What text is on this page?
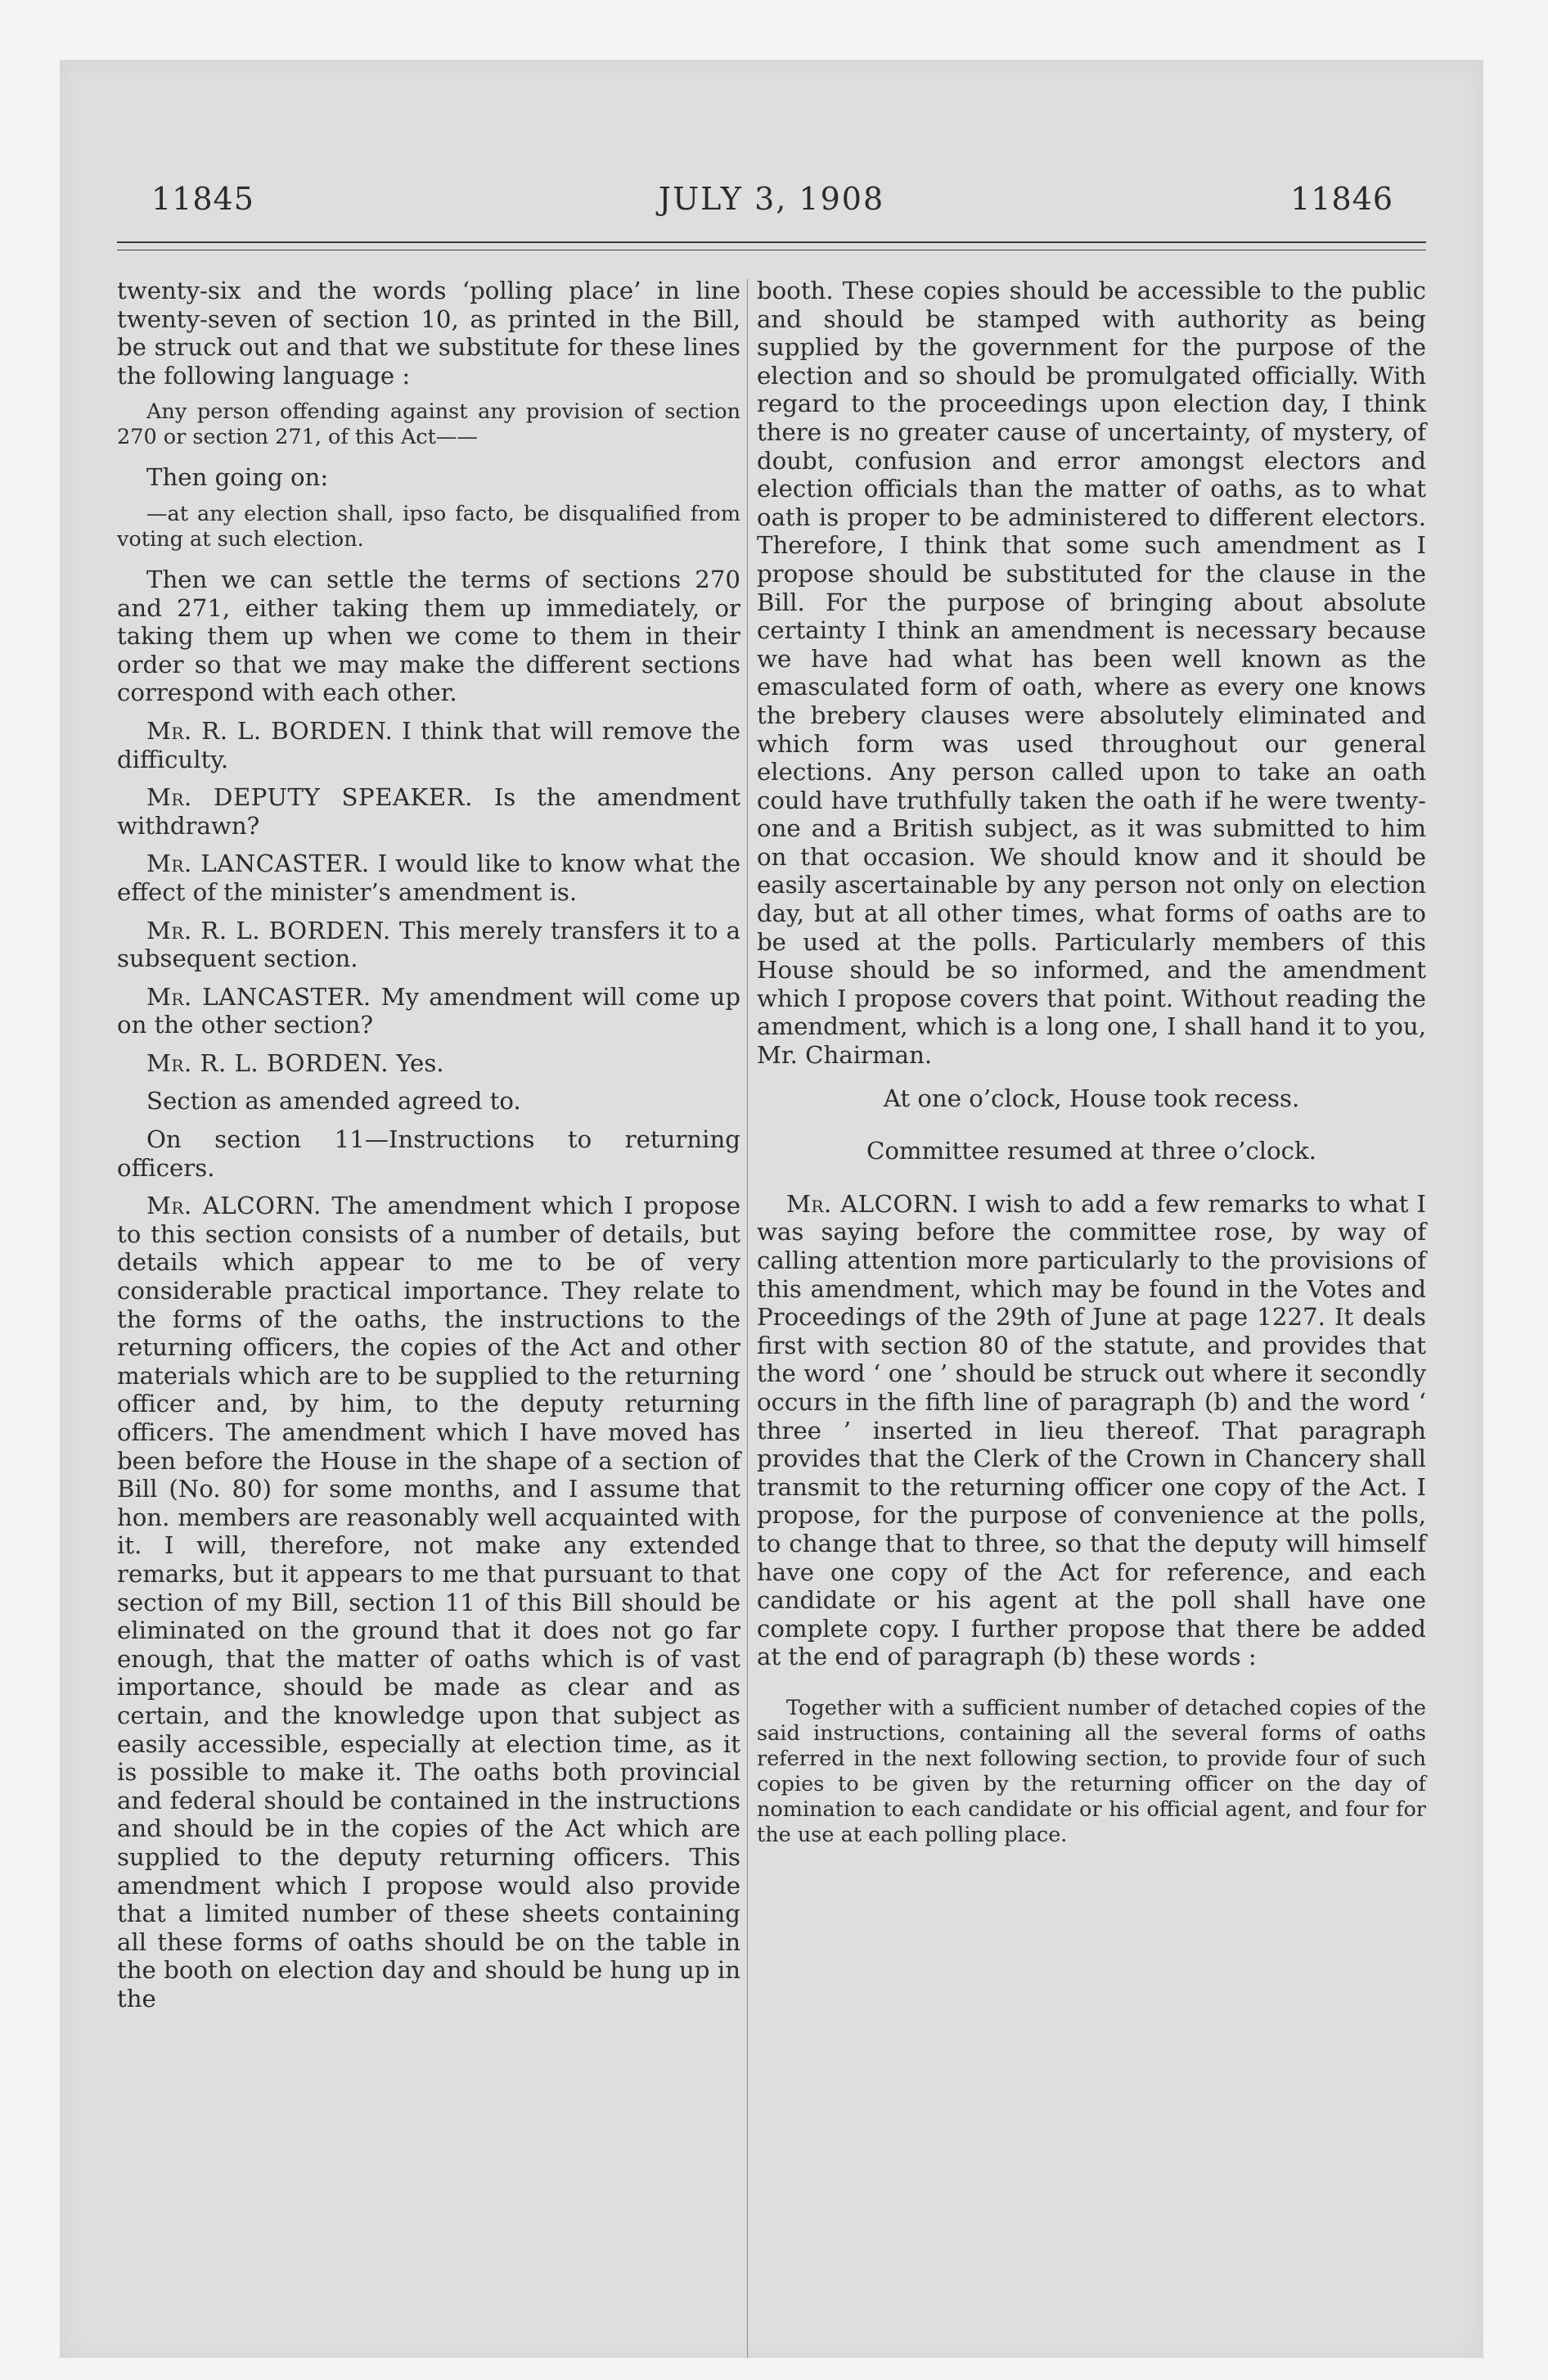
11845	JULY 3, 1908	11846

twenty-six and the words ‘polling place’ in line twenty-seven of section 10, as printed in the Bill, be struck out and that we substitute for these lines the following language :

Any person offending against any provision of section 270 or section 271, of this Act——

Then going on:

—at any election shall, ipso facto, be disqualified from voting at such election.

Then we can settle the terms of sections 270 and 271, either taking them up immediately, or taking them up when we come to them in their order so that we may make the different sections correspond with each other.

Mr. R. L. BORDEN. I think that will remove the difficulty.

Mr. DEPUTY SPEAKER. Is the amendment withdrawn?

Mr. LANCASTER. I would like to know what the effect of the minister’s amendment is.

Mr. R. L. BORDEN. This merely transfers it to a subsequent section.

Mr. LANCASTER. My amendment will come up on the other section?

Mr. R. L. BORDEN. Yes.

Section as amended agreed to.

On section 11—Instructions to returning officers.

Mr. ALCORN. The amendment which I propose to this section consists of a number of details, but details which appear to me to be of very considerable practical importance. They relate to the forms of the oaths, the instructions to the returning officers, the copies of the Act and other materials which are to be supplied to the returning officer and, by him, to the deputy returning officers. The amendment which I have moved has been before the House in the shape of a section of Bill (No. 80) for some months, and I assume that hon. members are reasonably well acquainted with it. I will, therefore, not make any extended remarks, but it appears to me that pursuant to that section of my Bill, section 11 of this Bill should be eliminated on the ground that it does not go far enough, that the matter of oaths which is of vast importance, should be made as clear and as certain, and the knowledge upon that subject as easily accessible, especially at election time, as it is possible to make it. The oaths both provincial and federal should be contained in the instructions and should be in the copies of the Act which are supplied to the deputy returning officers. This amendment which I propose would also provide that a limited number of these sheets containing all these forms of oaths should be on the table in the booth on election day and should be hung up in the

booth. These copies should be accessible to the public and should be stamped with authority as being supplied by the government for the purpose of the election and so should be promulgated officially. With regard to the proceedings upon election day, I think there is no greater cause of uncertainty, of mystery, of doubt, confusion and error amongst electors and election officials than the matter of oaths, as to what oath is proper to be administered to different electors. Therefore, I think that some such amendment as I propose should be substituted for the clause in the Bill. For the purpose of bringing about absolute certainty I think an amendment is necessary because we have had what has been well known as the emasculated form of oath, where as every one knows the brebery clauses were absolutely eliminated and which form was used throughout our general elections. Any person called upon to take an oath could have truthfully taken the oath if he were twenty-one and a British subject, as it was submitted to him on that occasion. We should know and it should be easily ascertainable by any person not only on election day, but at all other times, what forms of oaths are to be used at the polls. Particularly members of this House should be so informed, and the amendment which I propose covers that point. Without reading the amendment, which is a long one, I shall hand it to you, Mr. Chairman.

At one o’clock, House took recess.

Committee resumed at three o’clock.

Mr. ALCORN. I wish to add a few remarks to what I was saying before the committee rose, by way of calling attention more particularly to the provisions of this amendment, which may be found in the Votes and Proceedings of the 29th of June at page 1227. It deals first with section 80 of the statute, and provides that the word ‘ one ’ should be struck out where it secondly occurs in the fifth line of paragraph (b) and the word ‘ three ’ inserted in lieu thereof. That paragraph provides that the Clerk of the Crown in Chancery shall transmit to the returning officer one copy of the Act. I propose, for the purpose of convenience at the polls, to change that to three, so that the deputy will himself have one copy of the Act for reference, and each candidate or his agent at the poll shall have one complete copy. I further propose that there be added at the end of paragraph (b) these words :

Together with a sufficient number of detached copies of the said instructions, containing all the several forms of oaths referred in the next following section, to provide four of such copies to be given by the returning officer on the day of nomination to each candidate or his official agent, and four for the use at each polling place.
